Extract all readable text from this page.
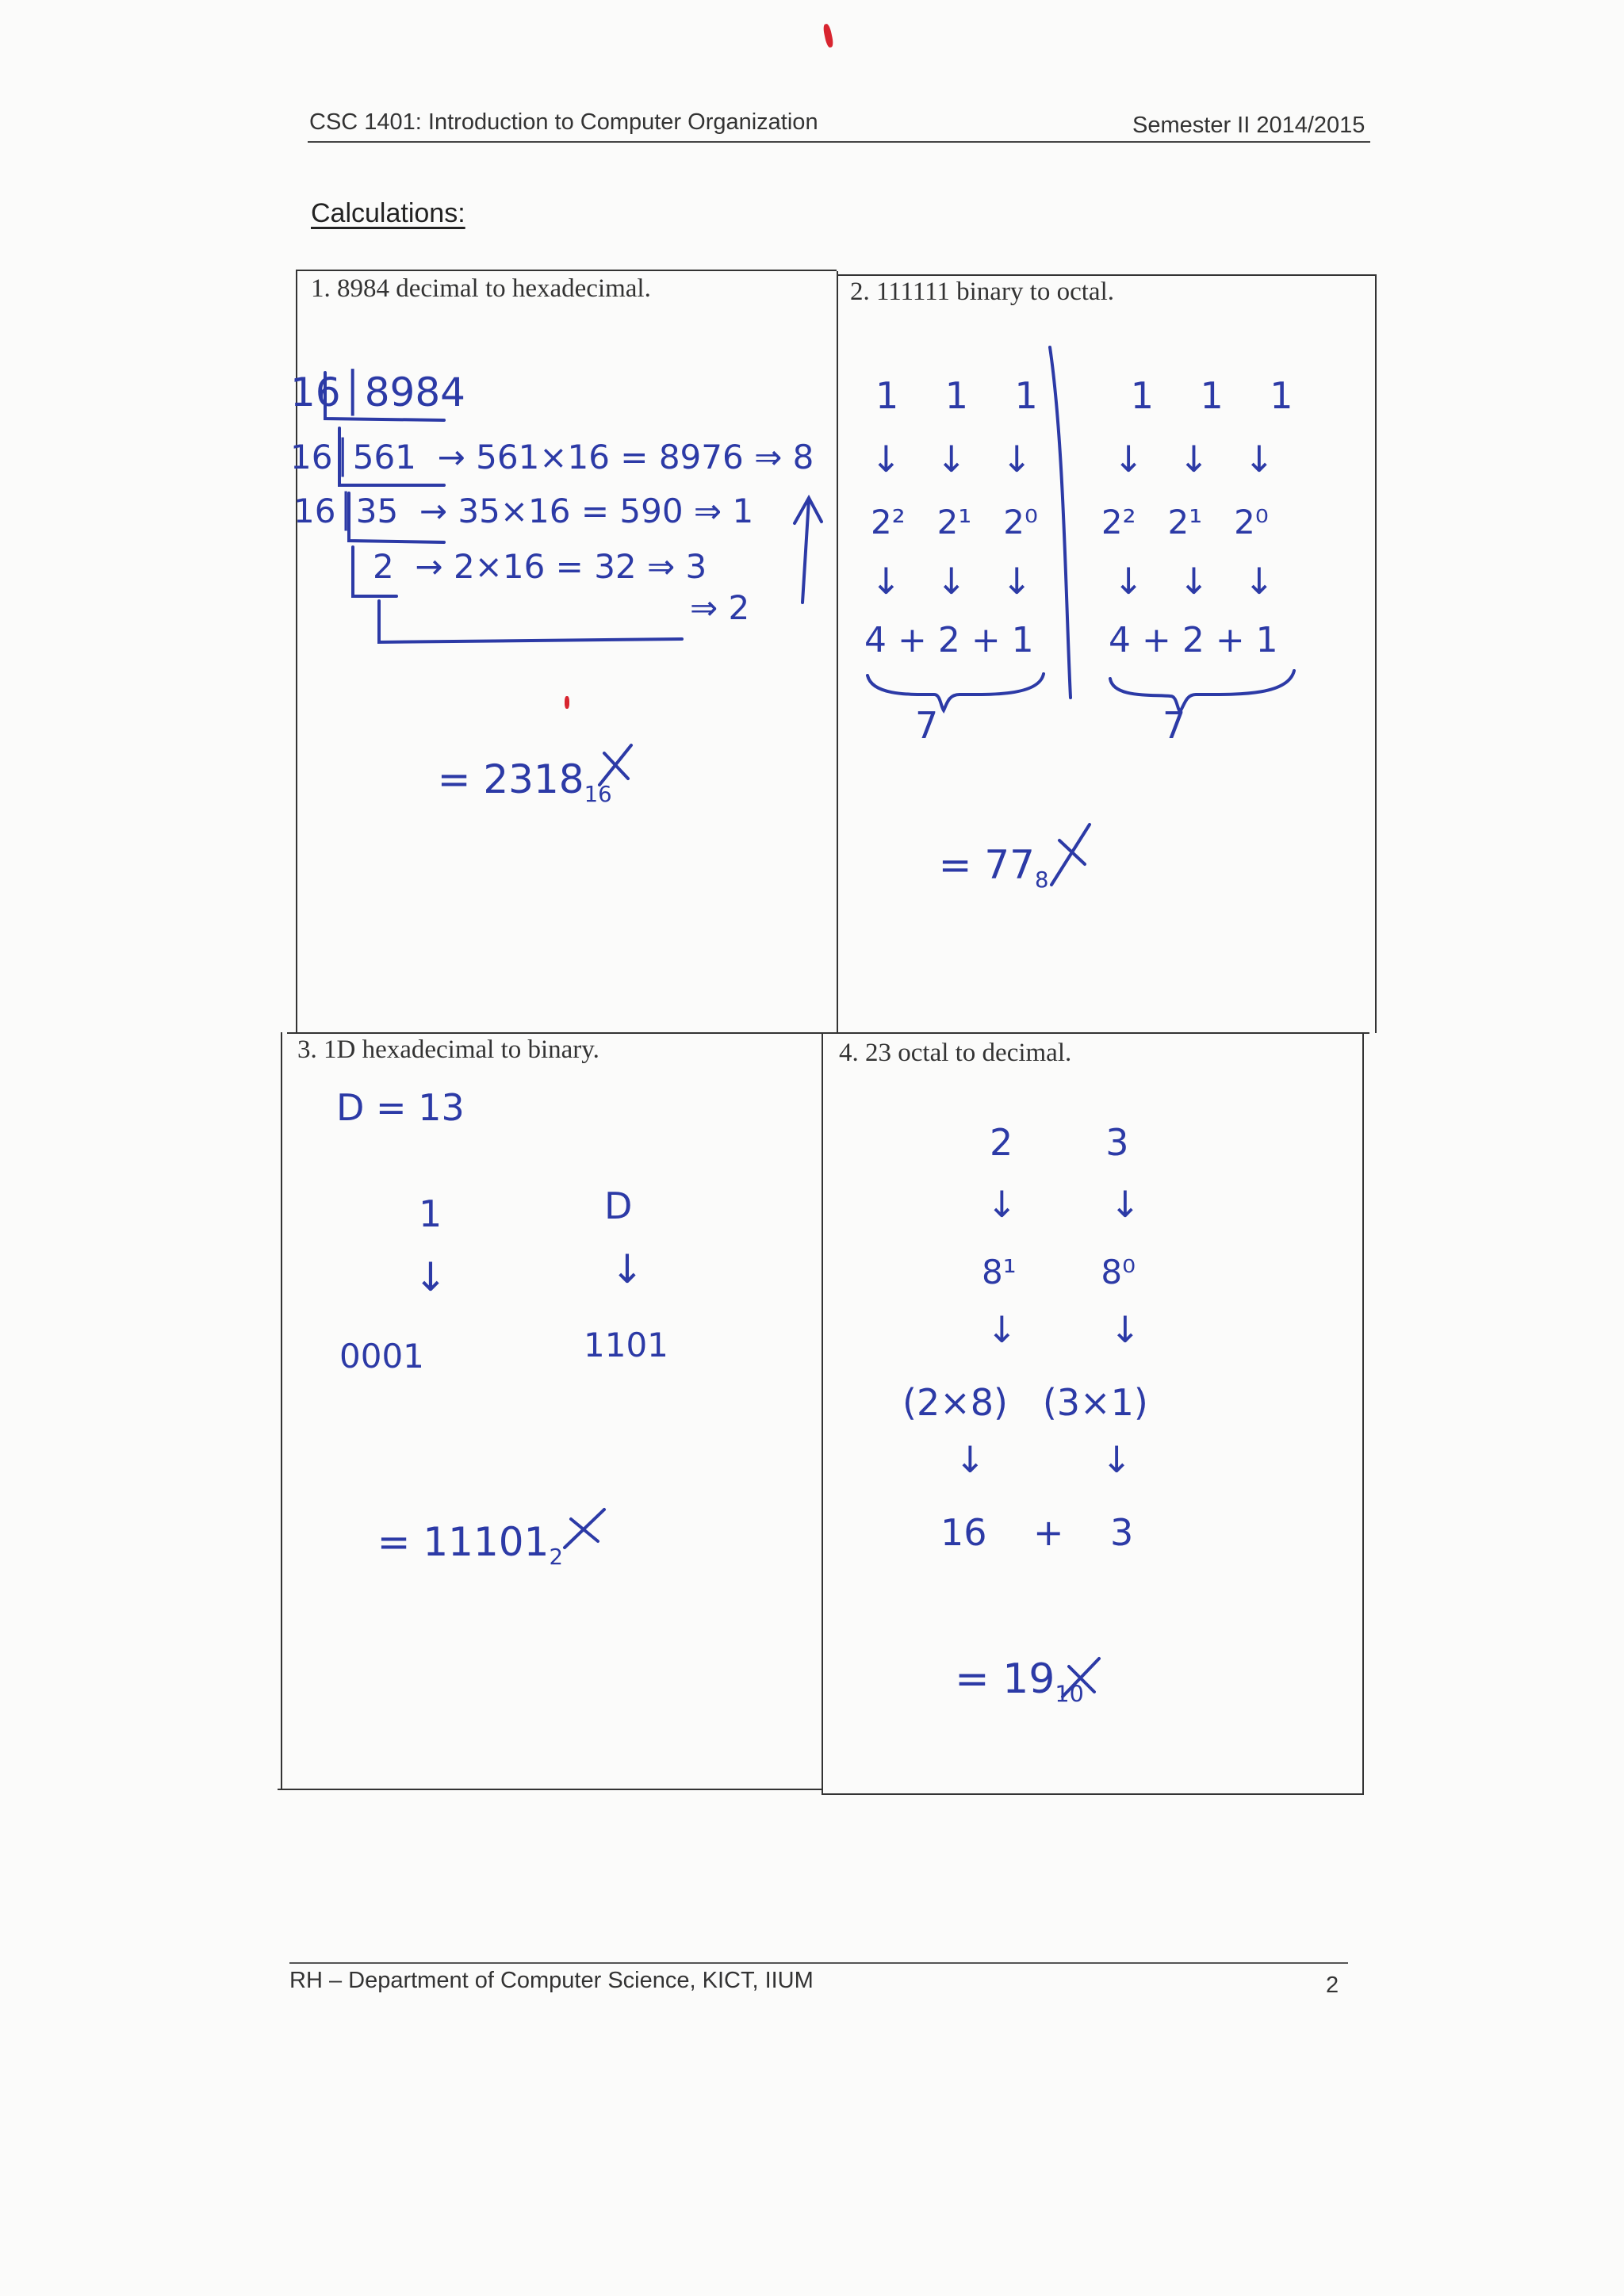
CSC 1401: Introduction to Computer Organization	Semester II 2014/2015
Calculations:
1. 8984 decimal to hexadecimal.	2. 111111 binary to octal.
3. 1D hexadecimal to binary.	4. 23 octal to decimal.
16│8984
16│561  → 561×16 = 8976 ⇒ 8
16│35  → 35×16 = 590 ⇒ 1
2  → 2×16 = 32 ⇒ 3
⇒ 2

= $2318_{16}$

1    1    1        1    1    1
↓   ↓   ↓       ↓   ↓   ↓
2²   2¹   2⁰      2²   2¹   2⁰
↓   ↓   ↓       ↓   ↓   ↓
4 + 2 + 1 4 + 2 + 1
7	7

= $77_8$

D = 13
1	D
↓	↓
0001	1101

= $11101_2$

2        3
↓        ↓
8¹        8⁰
↓        ↓
(2×8)   (3×1)
↓          ↓
16    +    3

= $19_{10}$

RH – Department of Computer Science, KICT, IIUM	2
